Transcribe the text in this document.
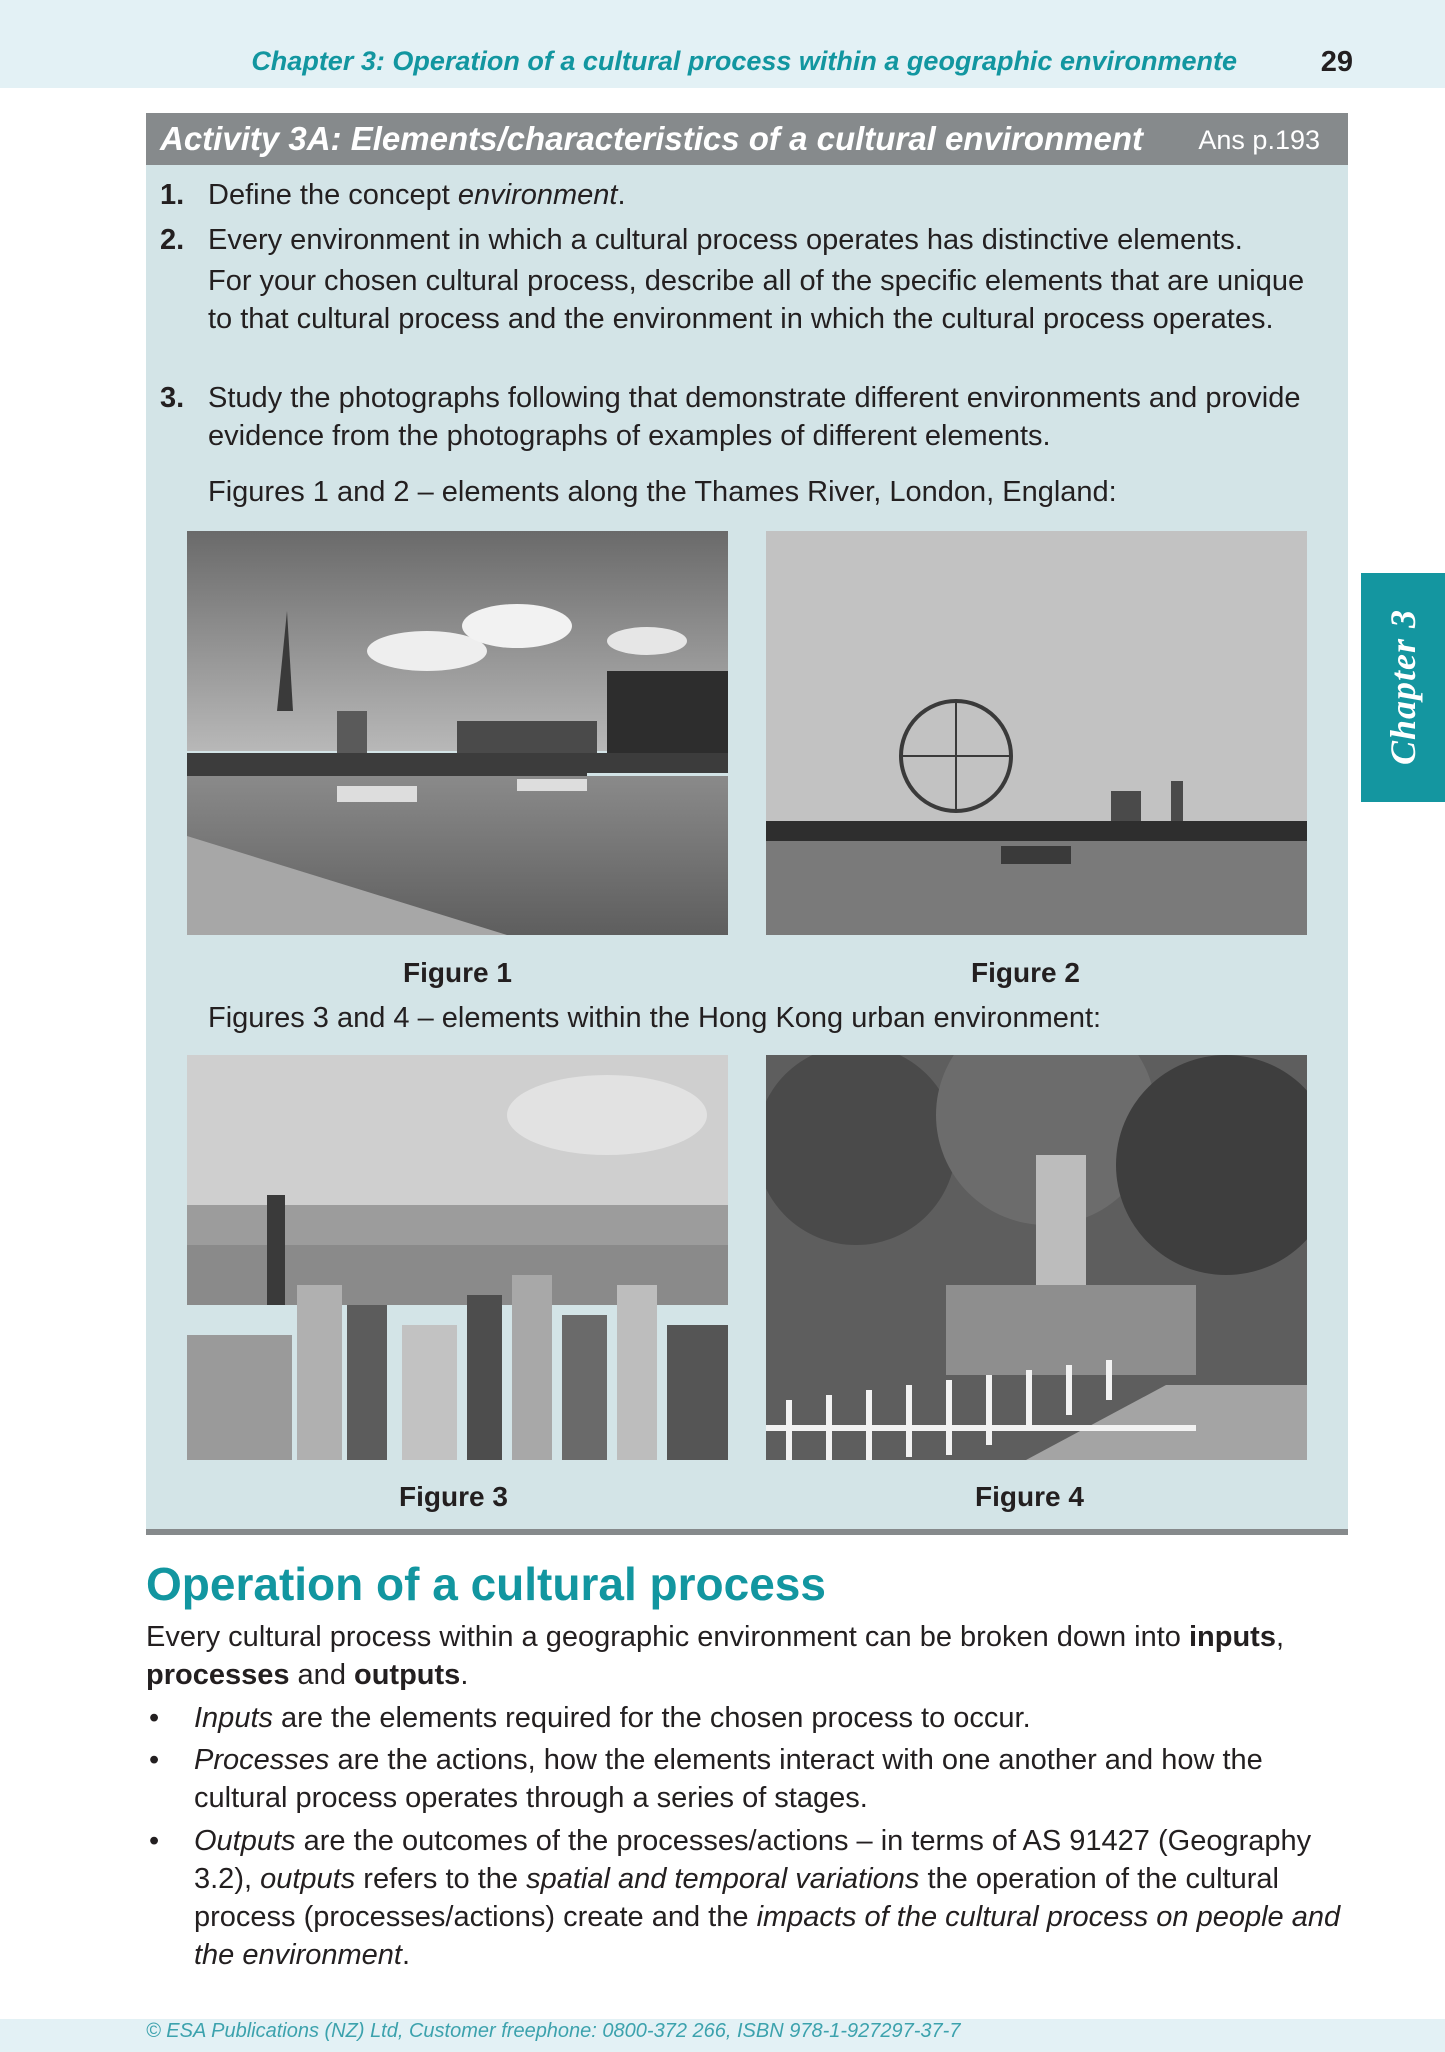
Chapter 3: Operation of a cultural process within a geographic environmente	29
Chapter 3
Activity 3A: Elements/characteristics of a cultural environment Ans p.193
1. Define the concept environment.
2. Every environment in which a cultural process operates has distinctive elements.
For your chosen cultural process, describe all of the specific elements that are unique to that cultural process and the environment in which the cultural process operates.
3. Study the photographs following that demonstrate different environments and provide evidence from the photographs of examples of different elements.
Figures 1 and 2 – elements along the Thames River, London, England:
Figure 1	Figure 2
Figures 3 and 4 – elements within the Hong Kong urban environment:
Figure 3	Figure 4
Operation of a cultural process
Every cultural process within a geographic environment can be broken down into inputs,
processes and outputs.
• Inputs are the elements required for the chosen process to occur.
• Processes are the actions, how the elements interact with one another and how the cultural process operates through a series of stages.
• Outputs are the outcomes of the processes/actions – in terms of AS 91427 (Geography 3.2), outputs refers to the spatial and temporal variations the operation of the cultural process (processes/actions) create and the impacts of the cultural process on people and the environment.
© ESA Publications (NZ) Ltd, Customer freephone: 0800-372 266, ISBN 978-1-927297-37-7
